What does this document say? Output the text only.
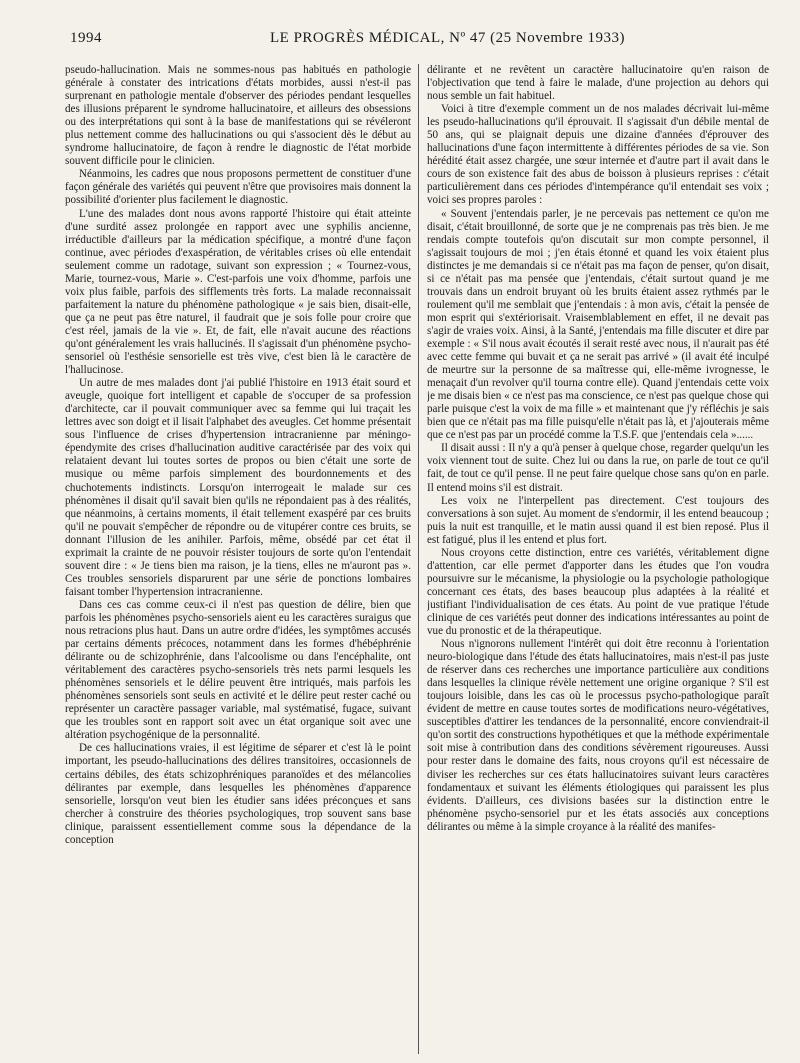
1994	LE PROGRÈS MÉDICAL, Nº 47 (25 Novembre 1933)

pseudo-hallucination. Mais ne sommes-nous pas habitués en pathologie générale à constater des intrications d'états morbides, aussi n'est-il pas surprenant en pathologie mentale d'observer des périodes pendant lesquelles des illusions préparent le syndrome hallucinatoire, et ailleurs des obsessions ou des interprétations qui sont à la base de manifestations qui se révéleront plus nettement comme des hallucinations ou qui s'associent dès le début au syndrome hallucinatoire, de façon à rendre le diagnostic de l'état morbide souvent difficile pour le clinicien.

Néanmoins, les cadres que nous proposons permettent de constituer d'une façon générale des variétés qui peuvent n'être que provisoires mais donnent la possibilité d'orienter plus facilement le diagnostic.

L'une des malades dont nous avons rapporté l'histoire qui était atteinte d'une surdité assez prolongée en rapport avec une syphilis ancienne, irréductible d'ailleurs par la médication spécifique, a montré d'une façon continue, avec périodes d'exaspération, de véritables crises où elle entendait seulement comme un radotage, suivant son expression ; « Tournez-vous, Marie, tournez-vous, Marie ». C'est-parfois une voix d'homme, parfois une voix plus faible, parfois des sifflements très forts. La malade reconnaissait parfaitement la nature du phénomène pathologique « je sais bien, disait-elle, que ça ne peut pas être naturel, il faudrait que je sois folle pour croire que c'est réel, jamais de la vie ». Et, de fait, elle n'avait aucune des réactions qu'ont généralement les vrais hallucinés. Il s'agissait d'un phénomène psycho-sensoriel où l'esthésie sensorielle est très vive, c'est bien là le caractère de l'hallucinose.

Un autre de mes malades dont j'ai publié l'histoire en 1913 était sourd et aveugle, quoique fort intelligent et capable de s'occuper de sa profession d'architecte, car il pouvait communiquer avec sa femme qui lui traçait les lettres avec son doigt et il lisait l'alphabet des aveugles. Cet homme présentait sous l'influence de crises d'hypertension intracranienne par méningo-épendymite des crises d'hallucination auditive caractérisée par des voix qui relataient devant lui toutes sortes de propos ou bien c'était une sorte de musique ou même parfois simplement des bourdonnements et des chuchotements indistincts. Lorsqu'on interrogeait le malade sur ces phénomènes il disait qu'il savait bien qu'ils ne répondaient pas à des réalités, que néanmoins, à certains moments, il était tellement exaspéré par ces bruits qu'il ne pouvait s'empêcher de répondre ou de vitupérer contre ces bruits, se donnant l'illusion de les anihiler. Parfois, même, obsédé par cet état il exprimait la crainte de ne pouvoir résister toujours de sorte qu'on l'entendait souvent dire : « Je tiens bien ma raison, je la tiens, elles ne m'auront pas ». Ces troubles sensoriels disparurent par une série de ponctions lombaires faisant tomber l'hypertension intracranienne.

Dans ces cas comme ceux-ci il n'est pas question de délire, bien que parfois les phénomènes psycho-sensoriels aient eu les caractères suraigus que nous retracions plus haut. Dans un autre ordre d'idées, les symptômes accusés par certains déments précoces, notamment dans les formes d'hébéphrénie délirante ou de schizophrénie, dans l'alcoolisme ou dans l'encéphalite, ont véritablement des caractères psycho-sensoriels très nets parmi lesquels les phénomènes sensoriels et le délire peuvent être intriqués, mais parfois les phénomènes sensoriels sont seuls en activité et le délire peut rester caché ou représenter un caractère passager variable, mal systématisé, fugace, suivant que les troubles sont en rapport soit avec un état organique soit avec une altération psychogénique de la personnalité.

De ces hallucinations vraies, il est légitime de séparer et c'est là le point important, les pseudo-hallucinations des délires transitoires, occasionnels de certains débiles, des états schizophréniques paranoïdes et des mélancolies délirantes par exemple, dans lesquelles les phénomènes d'apparence sensorielle, lorsqu'on veut bien les étudier sans idées préconçues et sans chercher à construire des théories psychologiques, trop souvent sans base clinique, paraissent essentiellement comme sous la dépendance de la conception

délirante et ne revêtent un caractère hallucinatoire qu'en raison de l'objectivation que tend à faire le malade, d'une projection au dehors qui nous semble un fait habituel.

Voici à titre d'exemple comment un de nos malades décrivait lui-même les pseudo-hallucinations qu'il éprouvait. Il s'agissait d'un débile mental de 50 ans, qui se plaignait depuis une dizaine d'années d'éprouver des hallucinations d'une façon intermittente à différentes périodes de sa vie. Son hérédité était assez chargée, une sœur internée et d'autre part il avait dans le cours de son existence fait des abus de boisson à plusieurs reprises : c'était particulièrement dans ces périodes d'intempérance qu'il entendait ses voix ; voici ses propres paroles :

« Souvent j'entendais parler, je ne percevais pas nettement ce qu'on me disait, c'était brouillonné, de sorte que je ne comprenais pas très bien. Je me rendais compte toutefois qu'on discutait sur mon compte personnel, il s'agissait toujours de moi ; j'en étais étonné et quand les voix étaient plus distinctes je me demandais si ce n'était pas ma façon de penser, qu'on disait, si ce n'était pas ma pensée que j'entendais, c'était surtout quand je me trouvais dans un endroit bruyant où les bruits étaient assez rythmés par le roulement qu'il me semblait que j'entendais : à mon avis, c'était la pensée de mon esprit qui s'extériorisait. Vraisemblablement en effet, il ne devait pas s'agir de vraies voix. Ainsi, à la Santé, j'entendais ma fille discuter et dire par exemple : « S'il nous avait écoutés il serait resté avec nous, il n'aurait pas été avec cette femme qui buvait et ça ne serait pas arrivé » (il avait été inculpé de meurtre sur la personne de sa maîtresse qui, elle-même ivrognesse, le menaçait d'un revolver qu'il tourna contre elle). Quand j'entendais cette voix je me disais bien « ce n'est pas ma conscience, ce n'est pas quelque chose qui parle puisque c'est la voix de ma fille » et maintenant que j'y réfléchis je sais bien que ce n'était pas ma fille puisqu'elle n'était pas là, et j'ajouterais même que ce n'est pas par un procédé comme la T.S.F. que j'entendais cela »......

Il disait aussi : Il n'y a qu'à penser à quelque chose, regarder quelqu'un les voix viennent tout de suite. Chez lui ou dans la rue, on parle de tout ce qu'il fait, de tout ce qu'il pense. Il ne peut faire quelque chose sans qu'on en parle. Il entend moins s'il est distrait.

Les voix ne l'interpellent pas directement. C'est toujours des conversations à son sujet. Au moment de s'endormir, il les entend beaucoup ; puis la nuit est tranquille, et le matin aussi quand il est bien reposé. Plus il est fatigué, plus il les entend et plus fort.

Nous croyons cette distinction, entre ces variétés, véritablement digne d'attention, car elle permet d'apporter dans les études que l'on voudra poursuivre sur le mécanisme, la physiologie ou la psychologie pathologique concernant ces états, des bases beaucoup plus adaptées à la réalité et justifiant l'individualisation de ces états. Au point de vue pratique l'étude clinique de ces variétés peut donner des indications intéressantes au point de vue du pronostic et de la thérapeutique.

Nous n'ignorons nullement l'intérêt qui doit être reconnu à l'orientation neuro-biologique dans l'étude des états hallucinatoires, mais n'est-il pas juste de réserver dans ces recherches une importance particulière aux conditions dans lesquelles la clinique révèle nettement une origine organique ? S'il est toujours loisible, dans les cas où le processus psycho-pathologique paraît évident de mettre en cause toutes sortes de modifications neuro-végétatives, susceptibles d'attirer les tendances de la personnalité, encore conviendrait-il qu'on sortit des constructions hypothétiques et que la méthode expérimentale soit mise à contribution dans des conditions sévèrement rigoureuses. Aussi pour rester dans le domaine des faits, nous croyons qu'il est nécessaire de diviser les recherches sur ces états hallucinatoires suivant leurs caractères fondamentaux et suivant les éléments étiologiques qui paraissent les plus évidents. D'ailleurs, ces divisions basées sur la distinction entre le phénomène psycho-sensoriel pur et les états associés aux conceptions délirantes ou même à la simple croyance à la réalité des manifes-
